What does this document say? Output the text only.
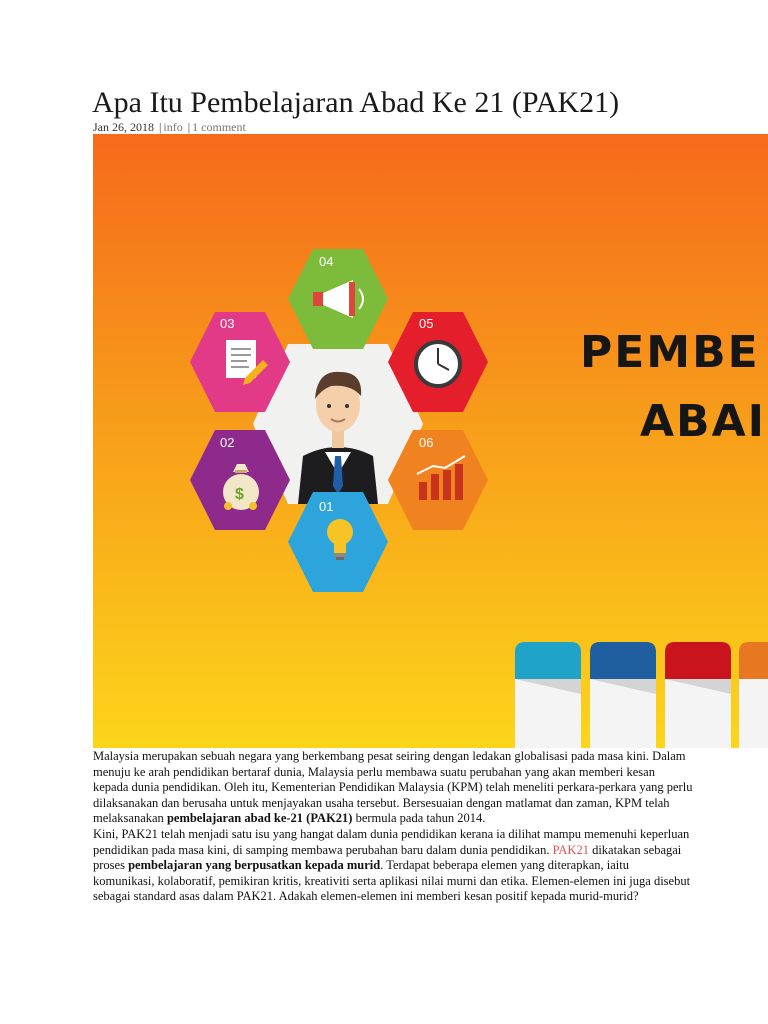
Apa Itu Pembelajaran Abad Ke 21 (PAK21)
Jan 26, 2018 | info | 1 comment
04
03	05
02
$
06
01
PEMBE
ABAI

Malaysia merupakan sebuah negara yang berkembang pesat seiring dengan ledakan globalisasi pada masa kini. Dalam menuju ke arah pendidikan bertaraf dunia, Malaysia perlu membawa suatu perubahan yang akan memberi kesan kepada dunia pendidikan. Oleh itu, Kementerian Pendidikan Malaysia (KPM) telah meneliti perkara-perkara yang perlu dilaksanakan dan berusaha untuk menjayakan usaha tersebut. Bersesuaian dengan matlamat dan zaman, KPM telah melaksanakan pembelajaran abad ke-21 (PAK21) bermula pada tahun 2014.

Kini, PAK21 telah menjadi satu isu yang hangat dalam dunia pendidikan kerana ia dilihat mampu memenuhi keperluan pendidikan pada masa kini, di samping membawa perubahan baru dalam dunia pendidikan. PAK21 dikatakan sebagai proses pembelajaran yang berpusatkan kepada murid. Terdapat beberapa elemen yang diterapkan, iaitu komunikasi, kolaboratif, pemikiran kritis, kreativiti serta aplikasi nilai murni dan etika. Elemen-elemen ini juga disebut sebagai standard asas dalam PAK21. Adakah elemen-elemen ini memberi kesan positif kepada murid-murid?
